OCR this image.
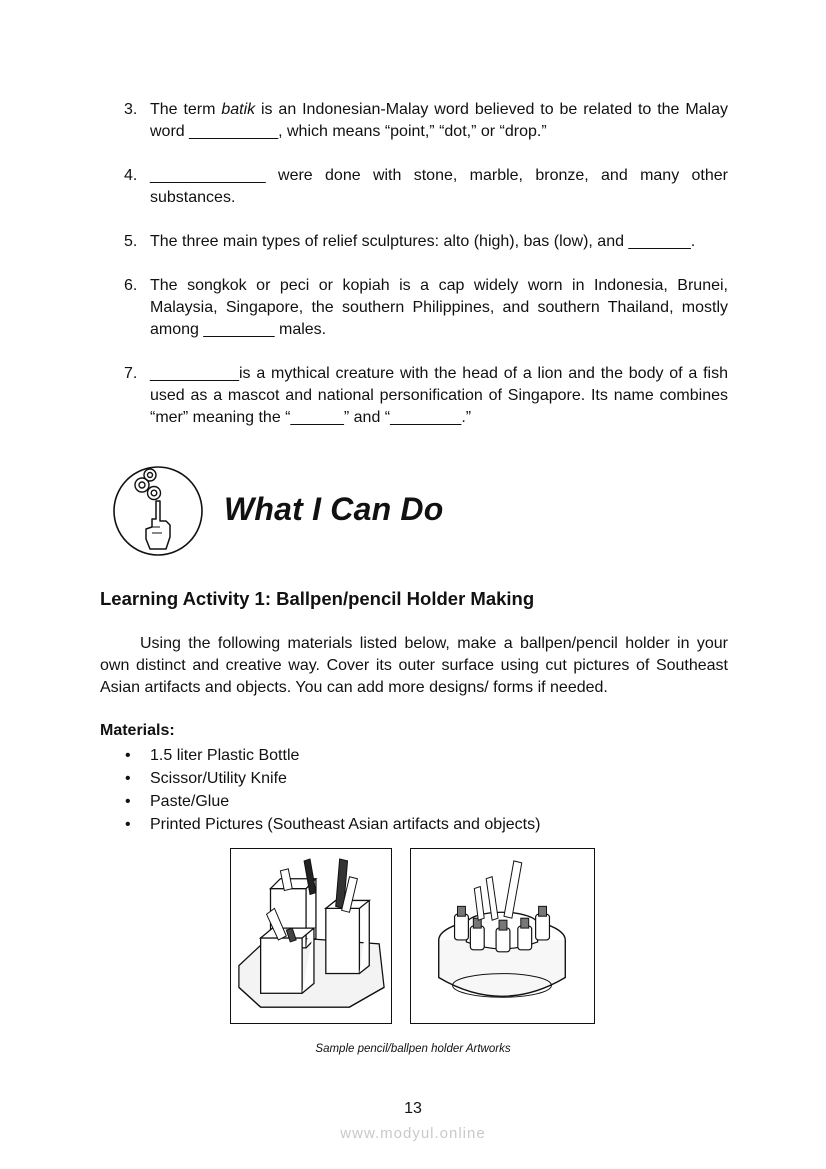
3. The term batik is an Indonesian-Malay word believed to be related to the Malay word __________, which means “point,” “dot,” or “drop.”
4. _____________ were done with stone, marble, bronze, and many other substances.
5. The three main types of relief sculptures: alto (high), bas (low), and _______.
6. The songkok or peci or kopiah is a cap widely worn in Indonesia, Brunei, Malaysia, Singapore, the southern Philippines, and southern Thailand, mostly among ________ males.
7. __________is a mythical creature with the head of a lion and the body of a fish used as a mascot and national personification of Singapore. Its name combines “mer” meaning the “______” and “________.”
What I Can Do
Learning Activity 1: Ballpen/pencil Holder Making
Using the following materials listed below, make a ballpen/pencil holder in your own distinct and creative way. Cover its outer surface using cut pictures of Southeast Asian artifacts and objects. You can add more designs/ forms if needed.
Materials:
• 1.5 liter Plastic Bottle
• Scissor/Utility Knife
• Paste/Glue
• Printed Pictures (Southeast Asian artifacts and objects)
Sample pencil/ballpen holder Artworks
13
www.modyul.online
